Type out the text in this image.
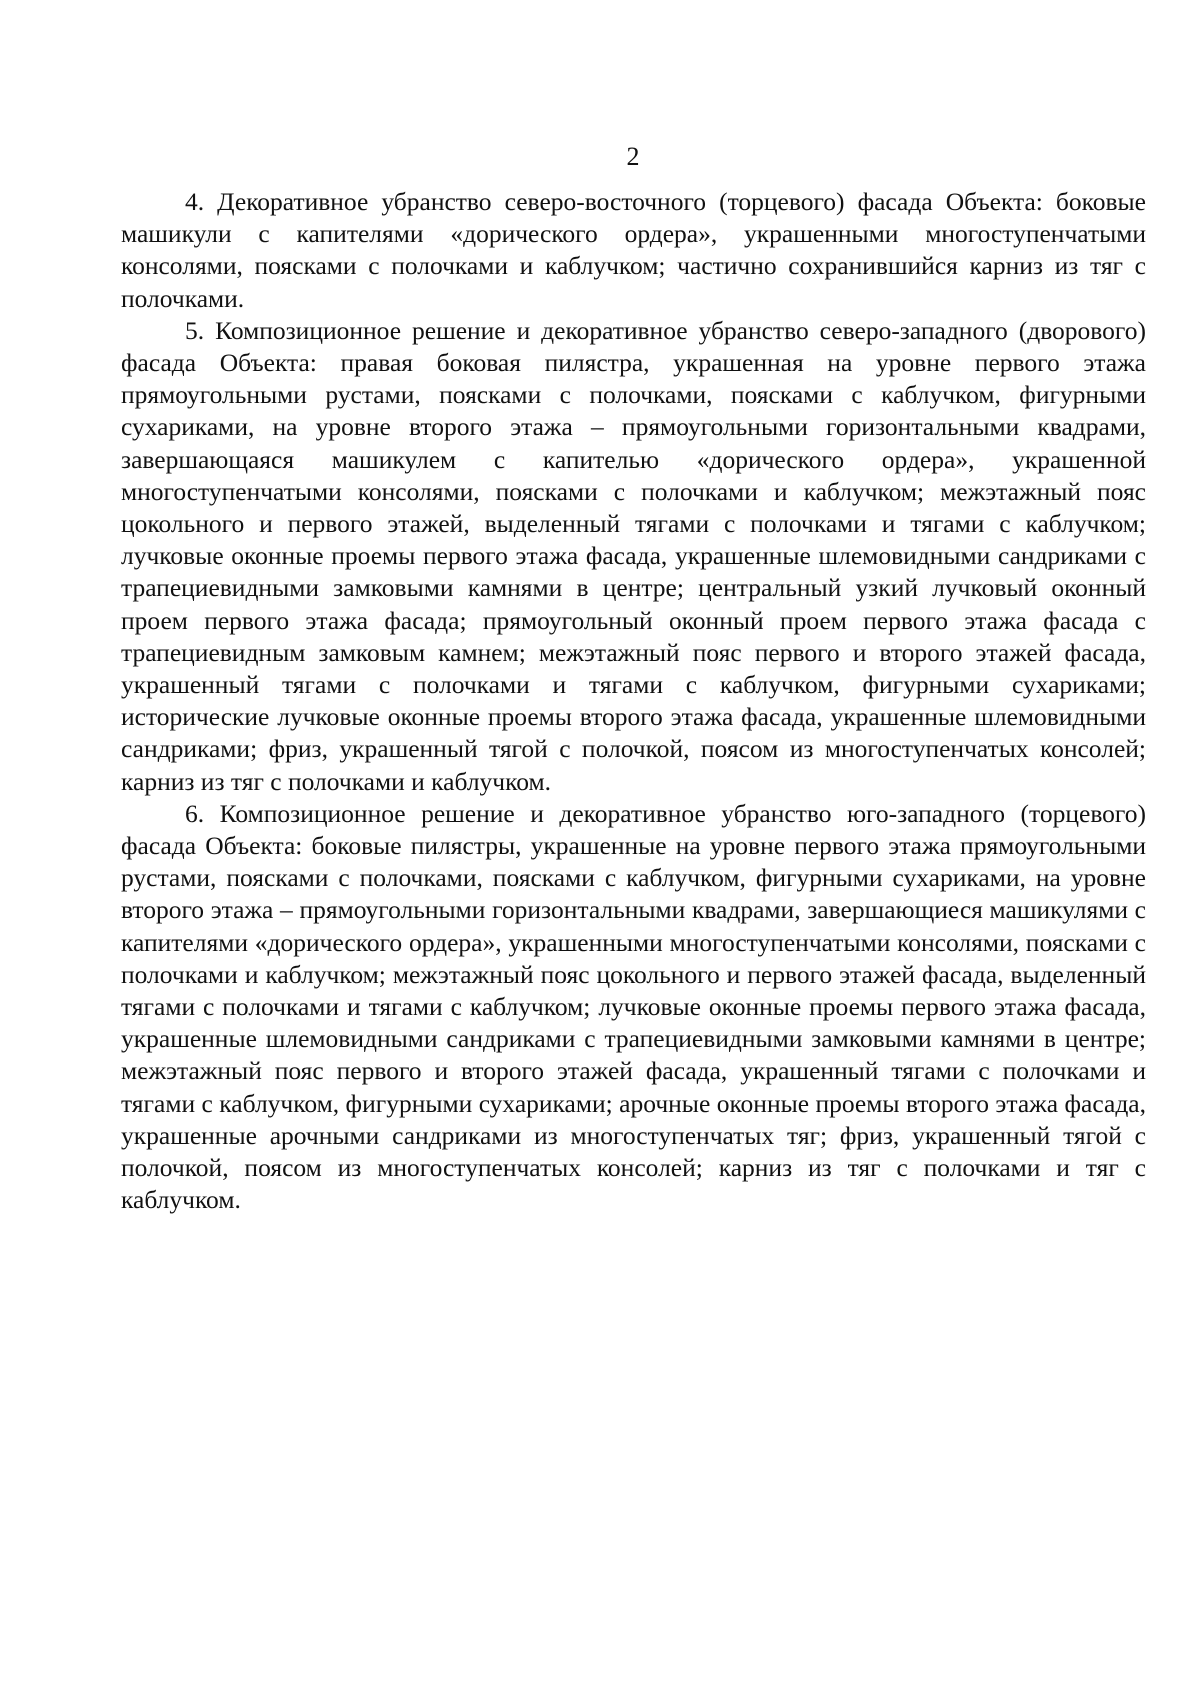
2

4. Декоративное убранство северо-восточного (торцевого) фасада Объекта: боковые машикули с капителями «дорического ордера», украшенными многоступенчатыми консолями, поясками с полочками и каблучком; частично сохранившийся карниз из тяг с полочками.

5. Композиционное решение и декоративное убранство северо-западного (дворового) фасада Объекта: правая боковая пилястра, украшенная на уровне первого этажа прямоугольными рустами, поясками с полочками, поясками с каблучком, фигурными сухариками, на уровне второго этажа – прямоугольными горизонтальными квадрами, завершающаяся машикулем с капителью «дорического ордера», украшенной многоступенчатыми консолями, поясками с полочками и каблучком; межэтажный пояс цокольного и первого этажей, выделенный тягами с полочками и тягами с каблучком; лучковые оконные проемы первого этажа фасада, украшенные шлемовидными сандриками с трапециевидными замковыми камнями в центре; центральный узкий лучковый оконный проем первого этажа фасада; прямоугольный оконный проем первого этажа фасада с трапециевидным замковым камнем; межэтажный пояс первого и второго этажей фасада, украшенный тягами с полочками и тягами с каблучком, фигурными сухариками; исторические лучковые оконные проемы второго этажа фасада, украшенные шлемовидными сандриками; фриз, украшенный тягой с полочкой, поясом из многоступенчатых консолей; карниз из тяг с полочками и каблучком.

6. Композиционное решение и декоративное убранство юго-западного (торцевого) фасада Объекта: боковые пилястры, украшенные на уровне первого этажа прямоугольными рустами, поясками с полочками, поясками с каблучком, фигурными сухариками, на уровне второго этажа – прямоугольными горизонтальными квадрами, завершающиеся машикулями с капителями «дорического ордера», украшенными многоступенчатыми консолями, поясками с полочками и каблучком; межэтажный пояс цокольного и первого этажей фасада, выделенный тягами с полочками и тягами с каблучком; лучковые оконные проемы первого этажа фасада, украшенные шлемовидными сандриками с трапециевидными замковыми камнями в центре; межэтажный пояс первого и второго этажей фасада, украшенный тягами с полочками и тягами с каблучком, фигурными сухариками; арочные оконные проемы второго этажа фасада, украшенные арочными сандриками из многоступенчатых тяг; фриз, украшенный тягой с полочкой, поясом из многоступенчатых консолей; карниз из тяг с полочками и тяг с каблучком.
